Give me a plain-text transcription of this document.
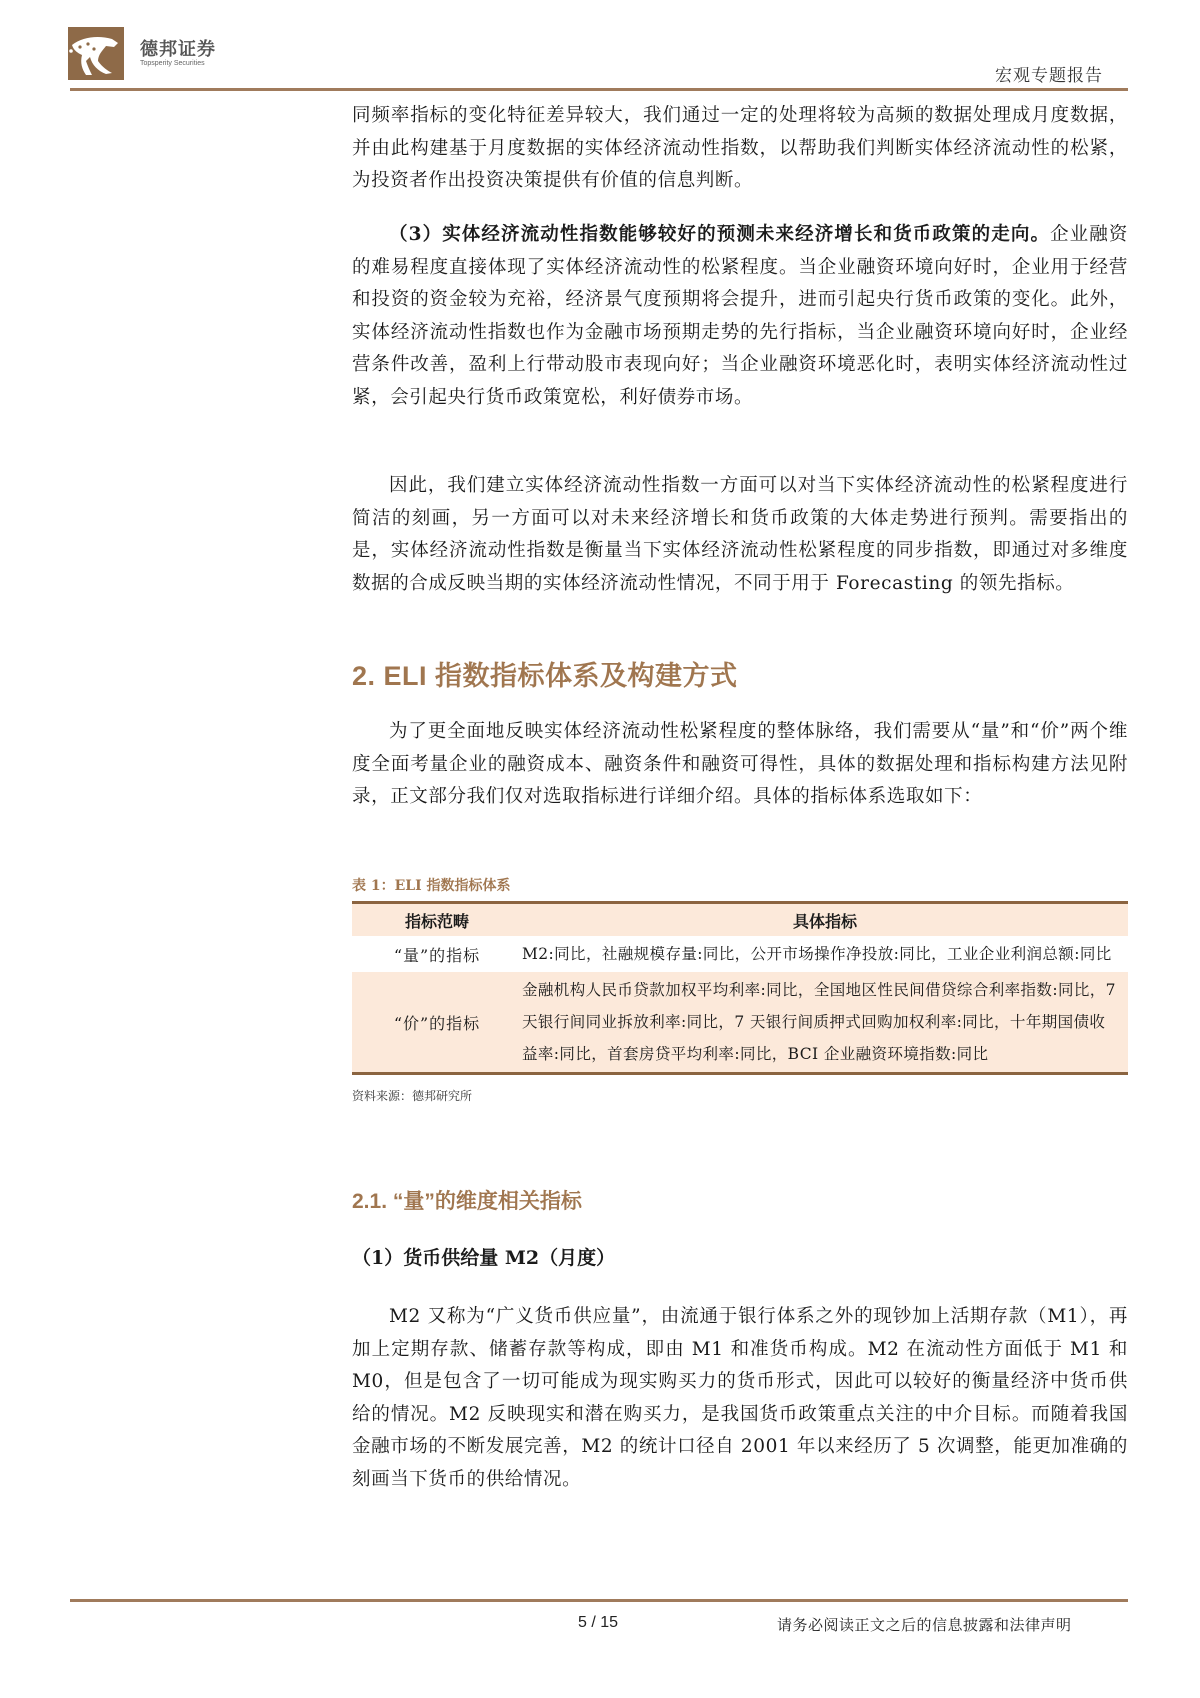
德邦证券
Topsperity Securities
宏观专题报告

同频率指标的变化特征差异较大，我们通过一定的处理将较为高频的数据处理成月度数据，并由此构建基于月度数据的实体经济流动性指数，以帮助我们判断实体经济流动性的松紧，为投资者作出投资决策提供有价值的信息判断。

（3）实体经济流动性指数能够较好的预测未来经济增长和货币政策的走向。企业融资的难易程度直接体现了实体经济流动性的松紧程度。当企业融资环境向好时，企业用于经营和投资的资金较为充裕，经济景气度预期将会提升，进而引起央行货币政策的变化。此外，实体经济流动性指数也作为金融市场预期走势的先行指标，当企业融资环境向好时，企业经营条件改善，盈利上行带动股市表现向好；当企业融资环境恶化时，表明实体经济流动性过紧，会引起央行货币政策宽松，利好债券市场。

因此，我们建立实体经济流动性指数一方面可以对当下实体经济流动性的松紧程度进行简洁的刻画，另一方面可以对未来经济增长和货币政策的大体走势进行预判。需要指出的是，实体经济流动性指数是衡量当下实体经济流动性松紧程度的同步指数，即通过对多维度数据的合成反映当期的实体经济流动性情况，不同于用于 Forecasting 的领先指标。

2. ELI 指数指标体系及构建方式

为了更全面地反映实体经济流动性松紧程度的整体脉络，我们需要从“量”和“价”两个维度全面考量企业的融资成本、融资条件和融资可得性，具体的数据处理和指标构建方法见附录，正文部分我们仅对选取指标进行详细介绍。具体的指标体系选取如下：

表 1：ELI 指数指标体系

指标范畴	具体指标
“量”的指标	M2:同比，社融规模存量:同比，公开市场操作净投放:同比，工业企业利润总额:同比
“价”的指标	金融机构人民币贷款加权平均利率:同比，全国地区性民间借贷综合利率指数:同比，7 天银行间同业拆放利率:同比，7 天银行间质押式回购加权利率:同比，十年期国债收益率:同比，首套房贷平均利率:同比，BCI 企业融资环境指数:同比

资料来源：德邦研究所

2.1. “量”的维度相关指标
（1）货币供给量 M2（月度）

M2 又称为“广义货币供应量”，由流通于银行体系之外的现钞加上活期存款（M1），再加上定期存款、储蓄存款等构成，即由 M1 和准货币构成。M2 在流动性方面低于 M1 和 M0，但是包含了一切可能成为现实购买力的货币形式，因此可以较好的衡量经济中货币供给的情况。M2 反映现实和潜在购买力，是我国货币政策重点关注的中介目标。而随着我国金融市场的不断发展完善，M2 的统计口径自 2001 年以来经历了 5 次调整，能更加准确的刻画当下货币的供给情况。

5 / 15	请务必阅读正文之后的信息披露和法律声明
